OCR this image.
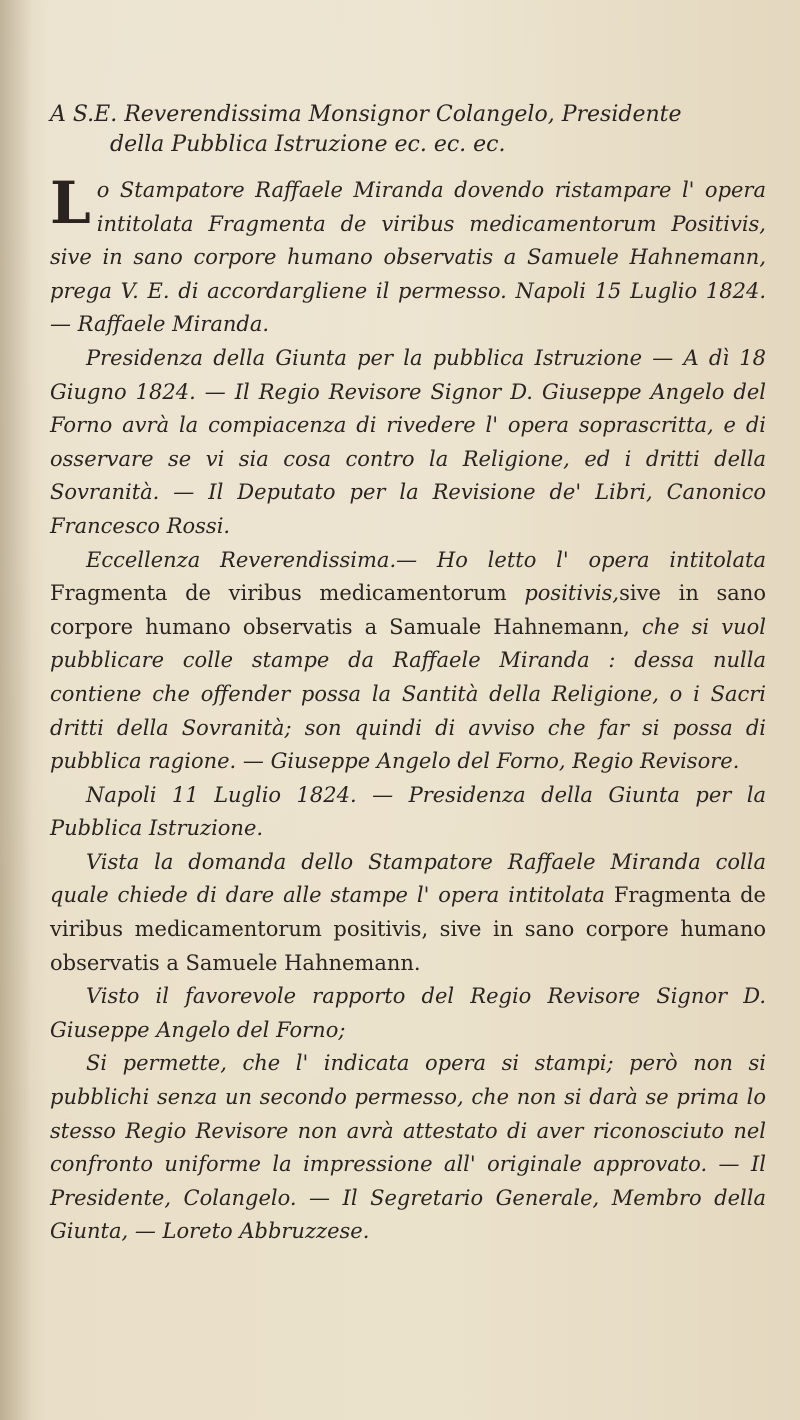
A S.E. Reverendissima Monsignor Colangelo, Presidente
della Pubblica Istruzione ec. ec. ec.

Lo Stampatore Raffaele Miranda dovendo ristampare l' opera intitolata Fragmenta de viribus medicamentorum Positivis, sive in sano corpore humano observatis a Samuele Hahnemann, prega V. E. di accordargliene il permesso. Napoli 15 Luglio 1824. — Raffaele Miranda.

Presidenza della Giunta per la pubblica Istruzione — A dì 18 Giugno 1824. — Il Regio Revisore Signor D. Giuseppe Angelo del Forno avrà la compiacenza di rivedere l' opera soprascritta, e di osservare se vi sia cosa contro la Religione, ed i dritti della Sovranità. — Il Deputato per la Revisione de' Libri, Canonico Francesco Rossi.

Eccellenza Reverendissima.— Ho letto l' opera intitolata Fragmenta de viribus medicamentorum positivis,sive in sano corpore humano observatis a Samuale Hahnemann, che si vuol pubblicare colle stampe da Raffaele Miranda : dessa nulla contiene che offender possa la Santità della Religione, o i Sacri dritti della Sovranità; son quindi di avviso che far si possa di pubblica ragione. — Giuseppe Angelo del Forno, Regio Revisore.

Napoli 11 Luglio 1824. — Presidenza della Giunta per la Pubblica Istruzione.

Vista la domanda dello Stampatore Raffaele Miranda colla quale chiede di dare alle stampe l' opera intitolata Fragmenta de viribus medicamentorum positivis, sive in sano corpore humano observatis a Samuele Hahnemann.

Visto il favorevole rapporto del Regio Revisore Signor D. Giuseppe Angelo del Forno;

Si permette, che l' indicata opera si stampi; però non si pubblichi senza un secondo permesso, che non si darà se prima lo stesso Regio Revisore non avrà attestato di aver riconosciuto nel confronto uniforme la impressione all' originale approvato. — Il Presidente, Colangelo. — Il Segretario Generale, Membro della Giunta, — Loreto Abbruzzese.
